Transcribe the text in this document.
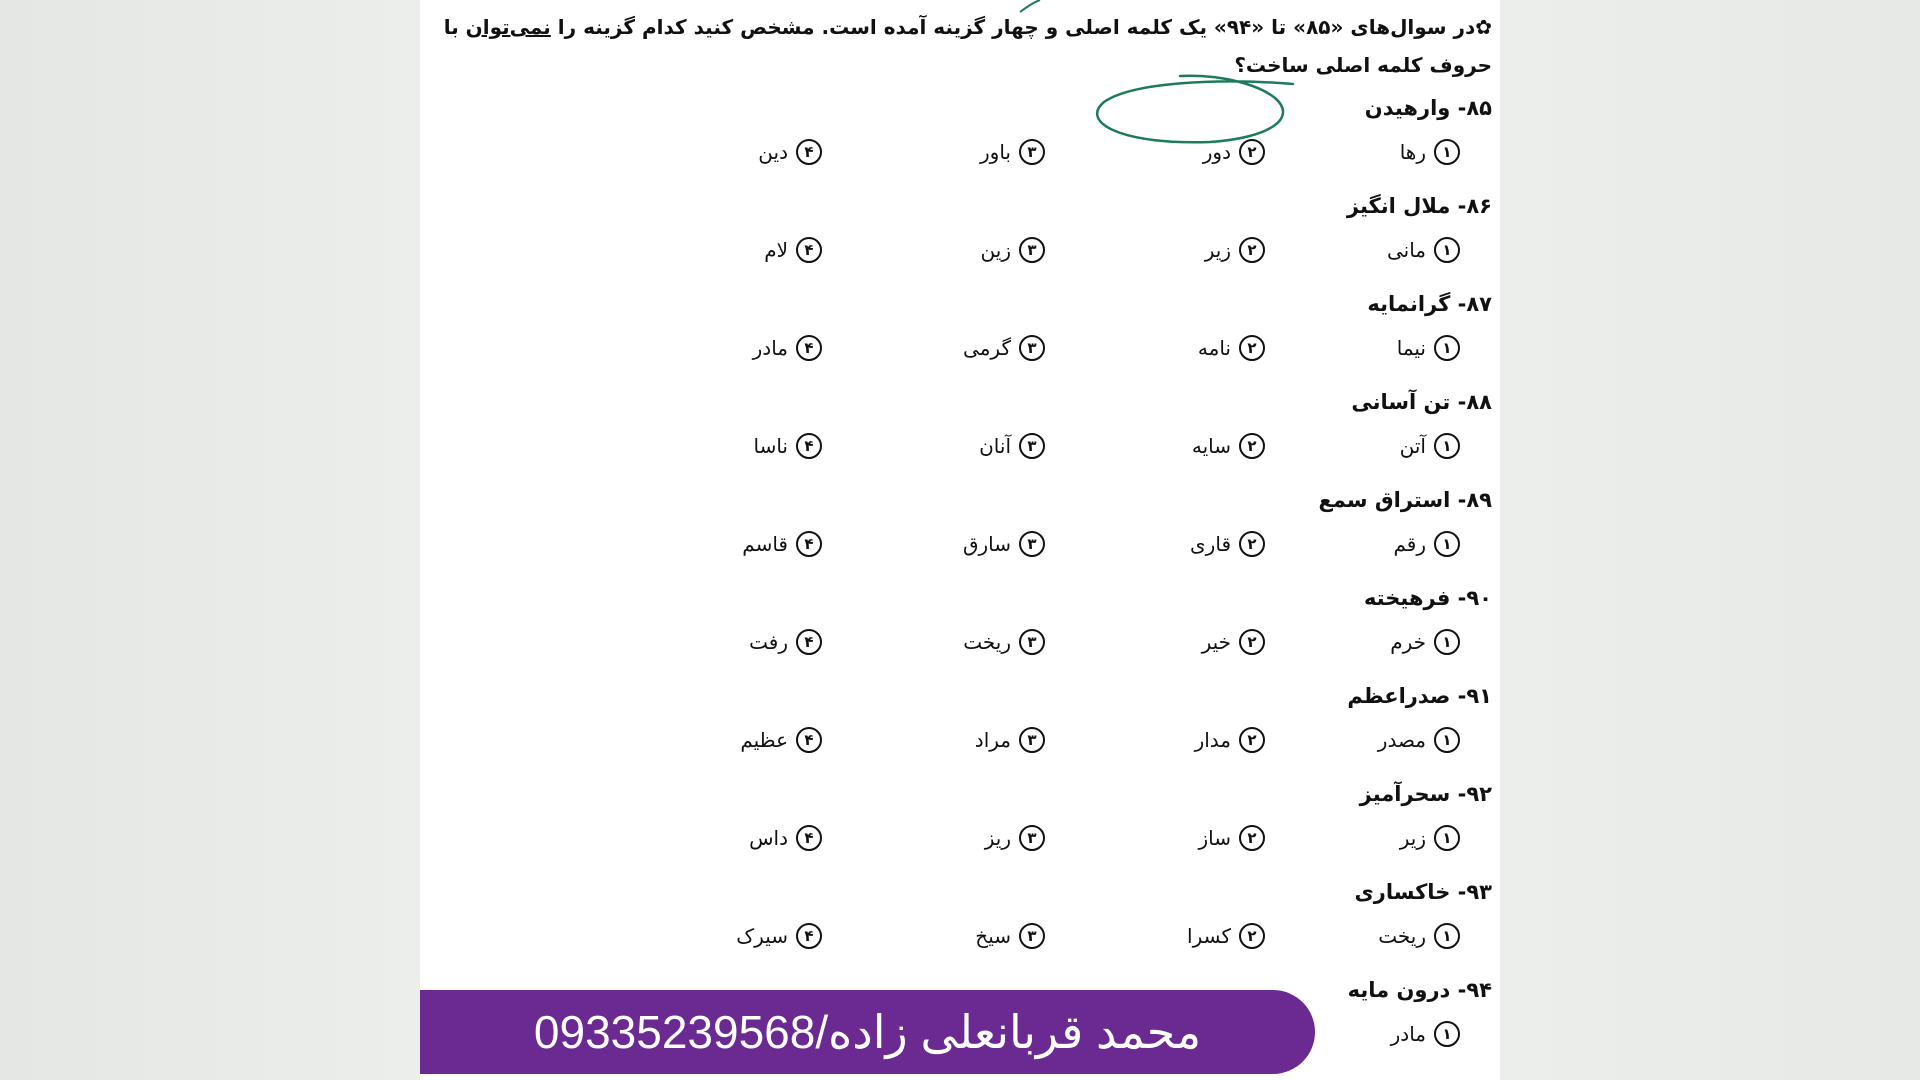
✿در سوال‌های «۸۵» تا «۹۴» یک کلمه اصلی و چهار گزینه آمده است. مشخص کنید کدام گزینه را نمی‌توان با حروف کلمه اصلی ساخت؟
۸۵- وارهیدن
۱
رها
۲
دور
۳
باور
۴
دین
۸۶- ملال انگیز
۱
مانی
۲
زیر
۳
زین
۴
لام
۸۷- گرانمایه
۱
نیما
۲
نامه
۳
گرمی
۴
مادر
۸۸- تن آسانی
۱
آتن
۲
سایه
۳
آنان
۴
ناسا
۸۹- استراق سمع
۱
رقم
۲
قاری
۳
سارق
۴
قاسم
۹۰- فرهیخته
۱
خرم
۲
خیر
۳
ریخت
۴
رفت
۹۱- صدراعظم
۱
مصدر
۲
مدار
۳
مراد
۴
عظیم
۹۲- سحرآمیز
۱
زیر
۲
ساز
۳
ریز
۴
داس
۹۳- خاکساری
۱
ریخت
۲
کسرا
۳
سیخ
۴
سیرک
۹۴- درون مایه
۱
مادر
محمد قربانعلی زاده/09335239568
